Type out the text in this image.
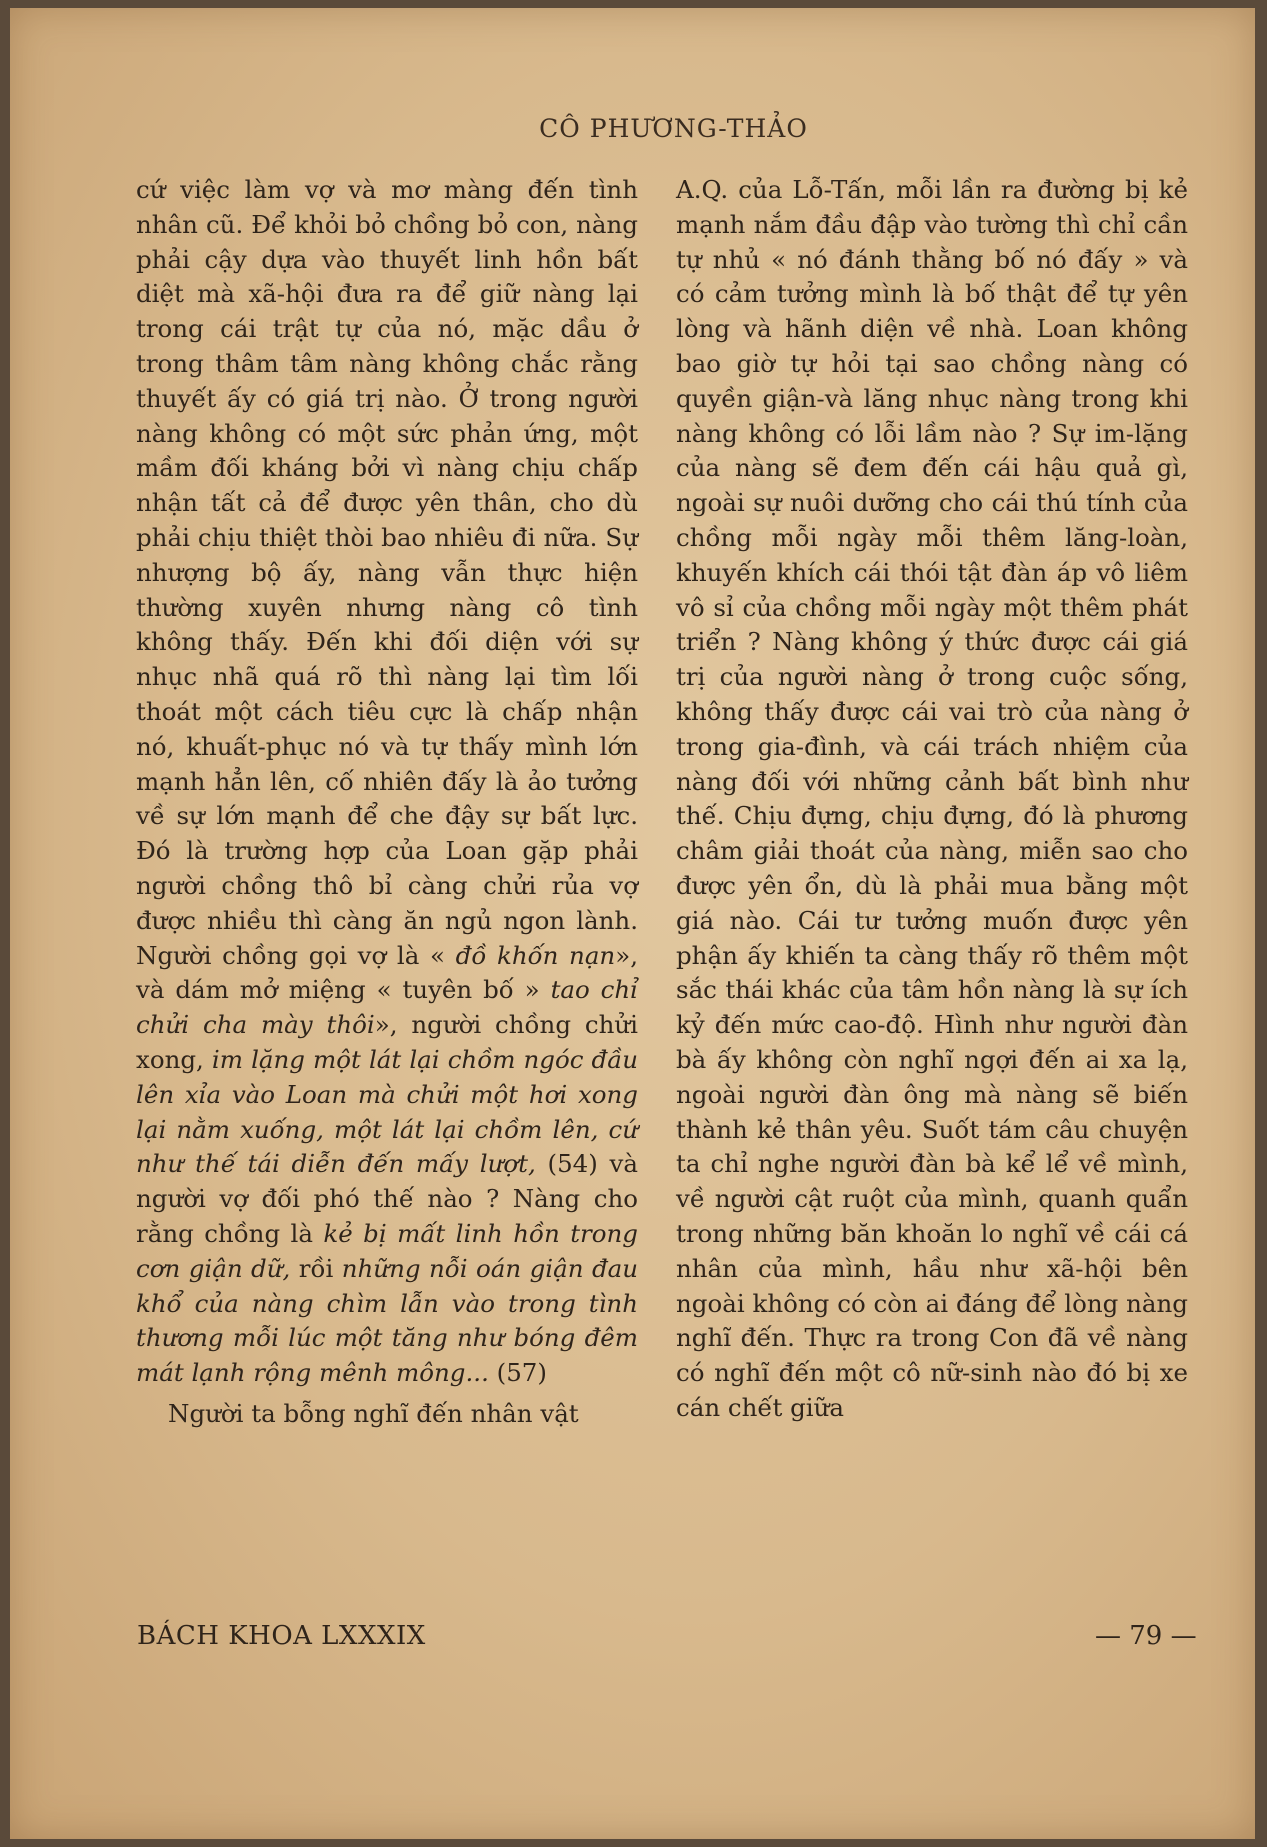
CÔ PHƯƠNG-THẢO

cứ việc làm vợ và mơ màng đến tình nhân cũ. Để khỏi bỏ chồng bỏ con, nàng phải cậy dựa vào thuyết linh hồn bất diệt mà xã-hội đưa ra để giữ nàng lại trong cái trật tự của nó, mặc dầu ở trong thâm tâm nàng không chắc rằng thuyết ấy có giá trị nào. Ở trong người nàng không có một sức phản ứng, một mầm đối kháng bởi vì nàng chịu chấp nhận tất cả để được yên thân, cho dù phải chịu thiệt thòi bao nhiêu đi nữa. Sự nhượng bộ ấy, nàng vẫn thực hiện thường xuyên nhưng nàng cô tình không thấy. Đến khi đối diện với sự nhục nhã quá rõ thì nàng lại tìm lối thoát một cách tiêu cực là chấp nhận nó, khuất-phục nó và tự thấy mình lớn mạnh hẳn lên, cố nhiên đấy là ảo tưởng về sự lớn mạnh để che đậy sự bất lực. Đó là trường hợp của Loan gặp phải người chồng thô bỉ càng chửi rủa vợ được nhiều thì càng ăn ngủ ngon lành. Người chồng gọi vợ là « đồ khốn nạn», và dám mở miệng « tuyên bố » tao chỉ chửi cha mày thôi», người chồng chửi xong, im lặng một lát lại chồm ngóc đầu lên xỉa vào Loan mà chửi một hơi xong lại nằm xuống, một lát lại chồm lên, cứ như thế tái diễn đến mấy lượt, (54) và người vợ đối phó thế nào ? Nàng cho rằng chồng là kẻ bị mất linh hồn trong cơn giận dữ, rồi những nỗi oán giận đau khổ của nàng chìm lẫn vào trong tình thương mỗi lúc một tăng như bóng đêm mát lạnh rộng mênh mông... (57)

Người ta bỗng nghĩ đến nhân vật

A.Q. của Lỗ-Tấn, mỗi lần ra đường bị kẻ mạnh nắm đầu đập vào tường thì chỉ cần tự nhủ « nó đánh thằng bố nó đấy » và có cảm tưởng mình là bố thật để tự yên lòng và hãnh diện về nhà. Loan không bao giờ tự hỏi tại sao chồng nàng có quyền giận-và lăng nhục nàng trong khi nàng không có lỗi lầm nào ? Sự im-lặng của nàng sẽ đem đến cái hậu quả gì, ngoài sự nuôi dưỡng cho cái thú tính của chồng mỗi ngày mỗi thêm lăng-loàn, khuyến khích cái thói tật đàn áp vô liêm vô sỉ của chồng mỗi ngày một thêm phát triển ? Nàng không ý thức được cái giá trị của người nàng ở trong cuộc sống, không thấy được cái vai trò của nàng ở trong gia-đình, và cái trách nhiệm của nàng đối với những cảnh bất bình như thế. Chịu đựng, chịu đựng, đó là phương châm giải thoát của nàng, miễn sao cho được yên ổn, dù là phải mua bằng một giá nào. Cái tư tưởng muốn được yên phận ấy khiến ta càng thấy rõ thêm một sắc thái khác của tâm hồn nàng là sự ích kỷ đến mức cao-độ. Hình như người đàn bà ấy không còn nghĩ ngợi đến ai xa lạ, ngoài người đàn ông mà nàng sẽ biến thành kẻ thân yêu. Suốt tám câu chuyện ta chỉ nghe người đàn bà kể lể về mình, về người cật ruột của mình, quanh quẩn trong những băn khoăn lo nghĩ về cái cá nhân của mình, hầu như xã-hội bên ngoài không có còn ai đáng để lòng nàng nghĩ đến. Thực ra trong Con đã về nàng có nghĩ đến một cô nữ-sinh nào đó bị xe cán chết giữa

BÁCH KHOA LXXXIX	— 79 —
